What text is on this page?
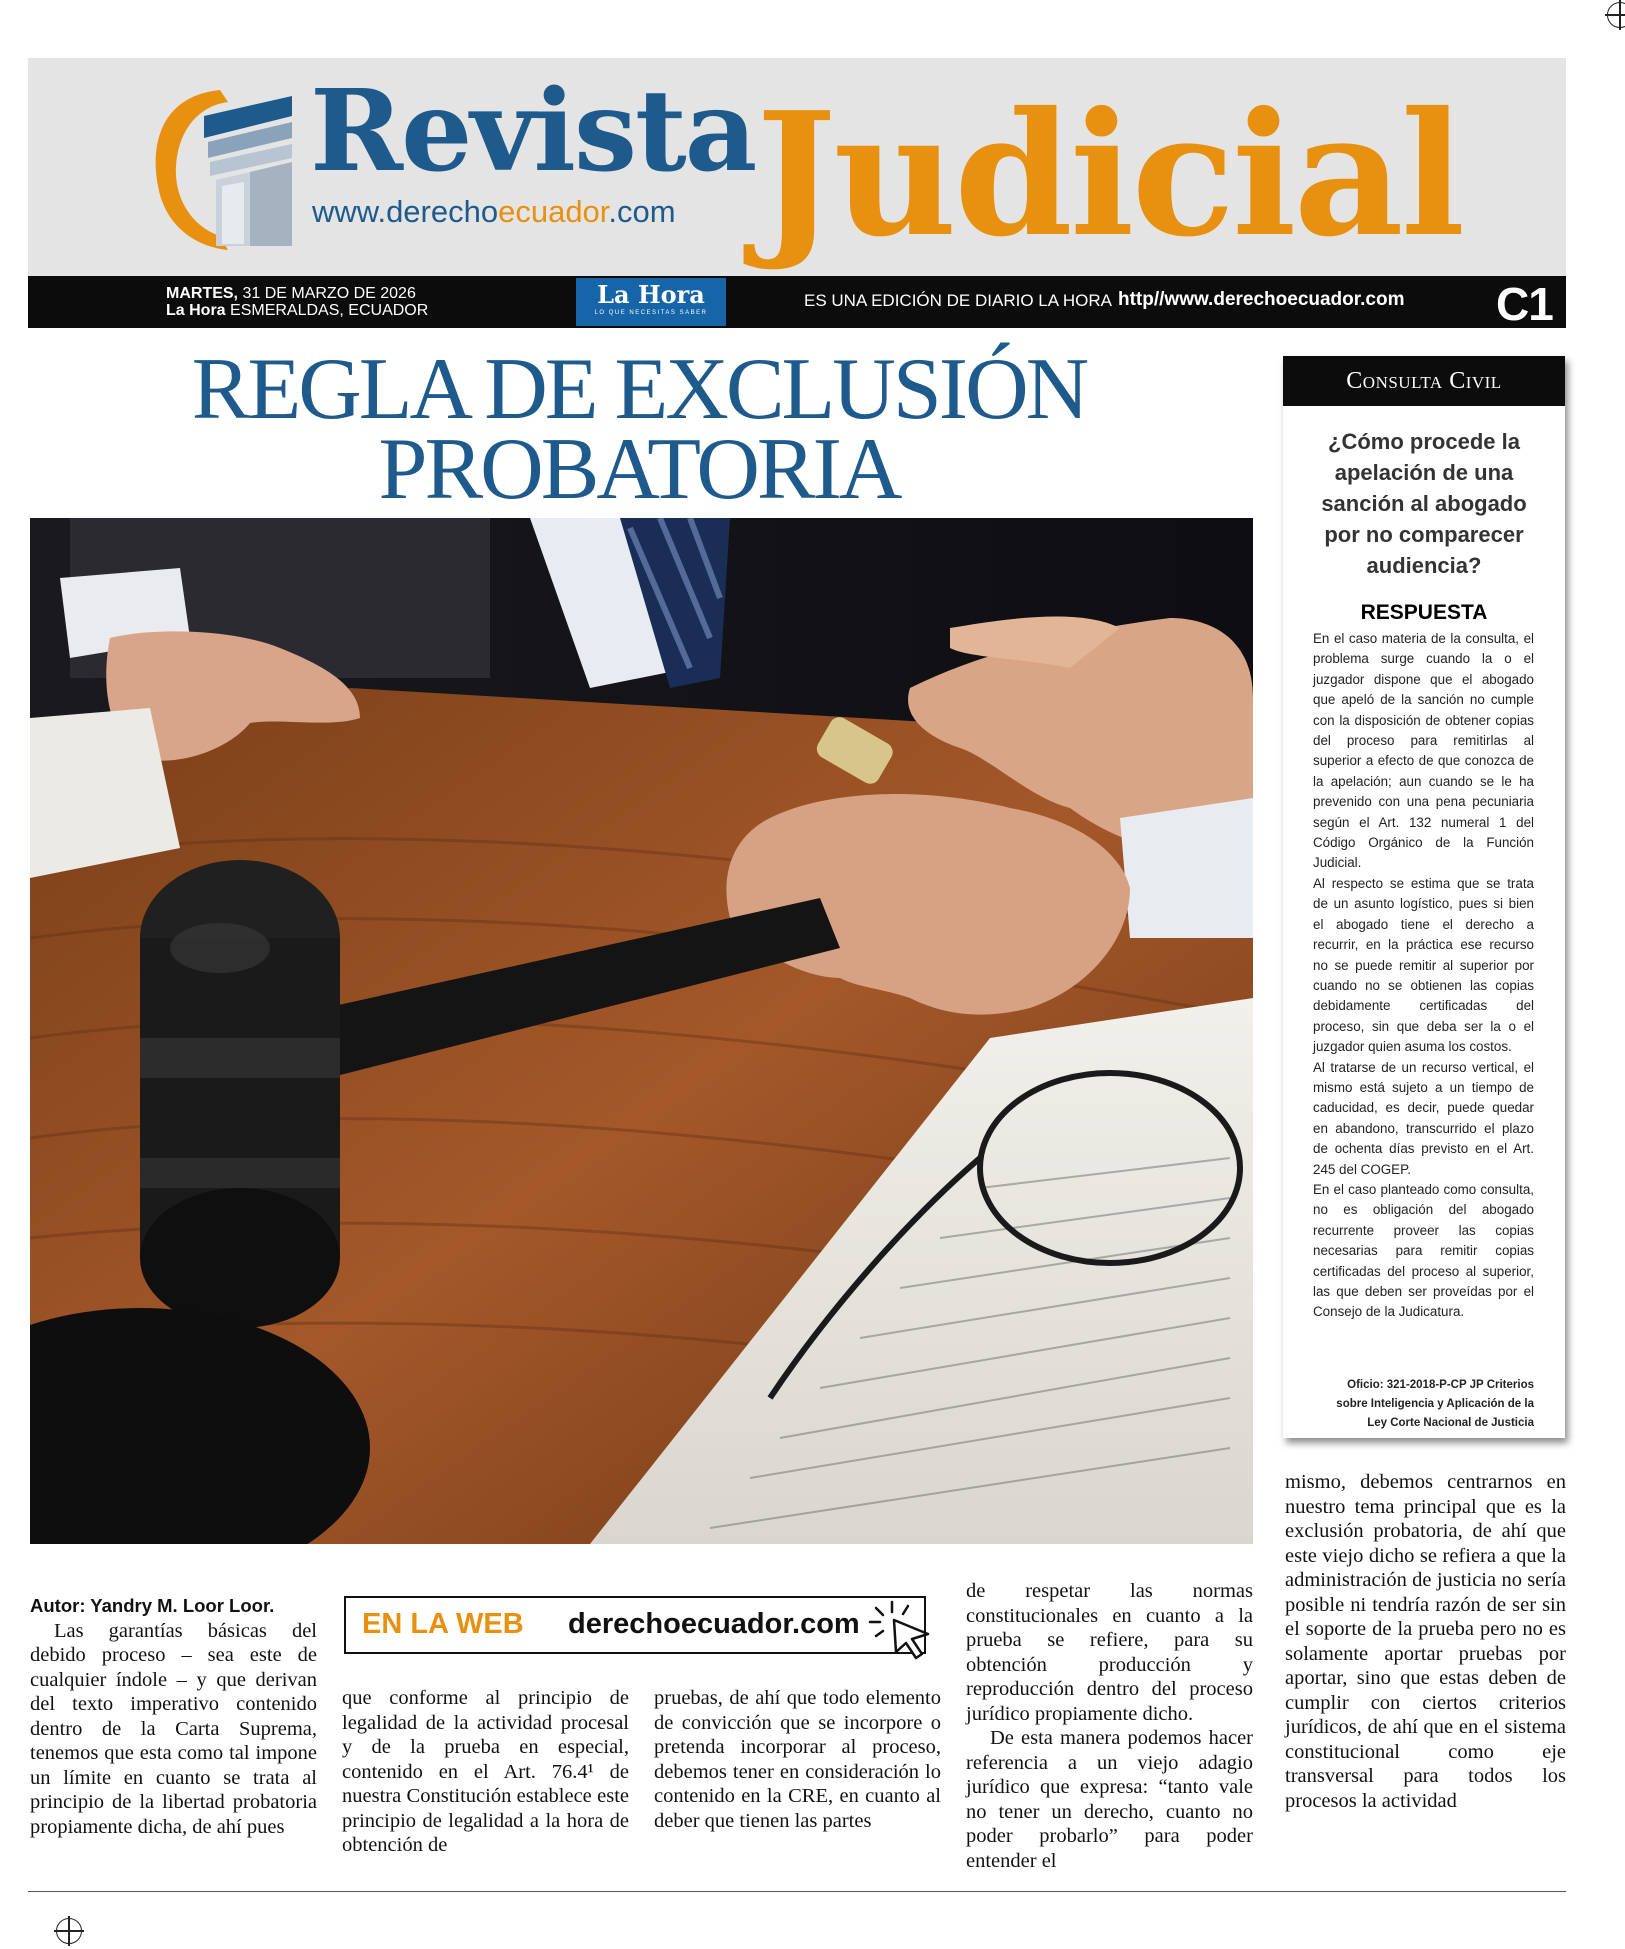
Revista
www.derechoecuador.com Judicial
MARTES, 31 DE MARZO DE 2026
La Hora ESMERALDAS, ECUADOR
La Hora
LO QUE NECESITAS SABER
ES UNA EDICIÓN DE DIARIO LA HORA http//www.derechoecuador.com C1
REGLA DE EXCLUSIÓN
PROBATORIA
Consulta Civil
¿Cómo procede la apelación de una sanción al abogado por no comparecer audiencia?
RESPUESTA

En el caso materia de la consulta, el problema surge cuando la o el juzgador dispone que el abogado que apeló de la sanción no cumple con la disposición de obtener copias del proceso para remitirlas al superior a efecto de que conozca de la apelación; aun cuando se le ha prevenido con una pena pecuniaria según el Art. 132 numeral 1 del Código Orgánico de la Función Judicial.

Al respecto se estima que se trata de un asunto logístico, pues si bien el abogado tiene el derecho a recurrir, en la práctica ese recurso no se puede remitir al superior por cuando no se obtienen las copias debidamente certificadas del proceso, sin que deba ser la o el juzgador quien asuma los costos.

Al tratarse de un recurso vertical, el mismo está sujeto a un tiempo de caducidad, es decir, puede quedar en abandono, transcurrido el plazo de ochenta días previsto en el Art. 245 del COGEP.

En el caso planteado como consulta, no es obligación del abogado recurrente proveer las copias necesarias para remitir copias certificadas del proceso al superior, las que deben ser proveídas por el Consejo de la Judicatura.

Oficio: 321-2018-P-CP JP Criterios
sobre Inteligencia y Aplicación de la
Ley Corte Nacional de Justicia

mismo, debemos centrarnos en nuestro tema principal que es la exclusión probatoria, de ahí que este viejo dicho se refiera a que la administración de justicia no sería posible ni tendría razón de ser sin el soporte de la prueba pero no es solamente aportar pruebas por aportar, sino que estas deben de cumplir con ciertos criterios jurídicos, de ahí que en el sistema constitucional como eje transversal para todos los procesos la actividad

Autor: Yandry M. Loor Loor.

Las garantías básicas del debido proceso – sea este de cualquier índole – y que derivan del texto imperativo contenido dentro de la Carta Suprema, tenemos que esta como tal impone un límite en cuanto se trata al principio de la libertad probatoria propiamente dicha, de ahí pues

EN LA WEB derechoecuador.com

que conforme al principio de legalidad de la actividad procesal y de la prueba en especial, contenido en el Art. 76.4¹ de nuestra Constitución establece este principio de legalidad a la hora de obtención de

pruebas, de ahí que todo elemento de convicción que se incorpore o pretenda incorporar al proceso, debemos tener en consideración lo contenido en la CRE, en cuanto al deber que tienen las partes

de respetar las normas constitucionales en cuanto a la prueba se refiere, para su obtención producción y reproducción dentro del proceso jurídico propiamente dicho.

De esta manera podemos hacer referencia a un viejo adagio jurídico que expresa: “tanto vale no tener un derecho, cuanto no poder probarlo” para poder entender el
